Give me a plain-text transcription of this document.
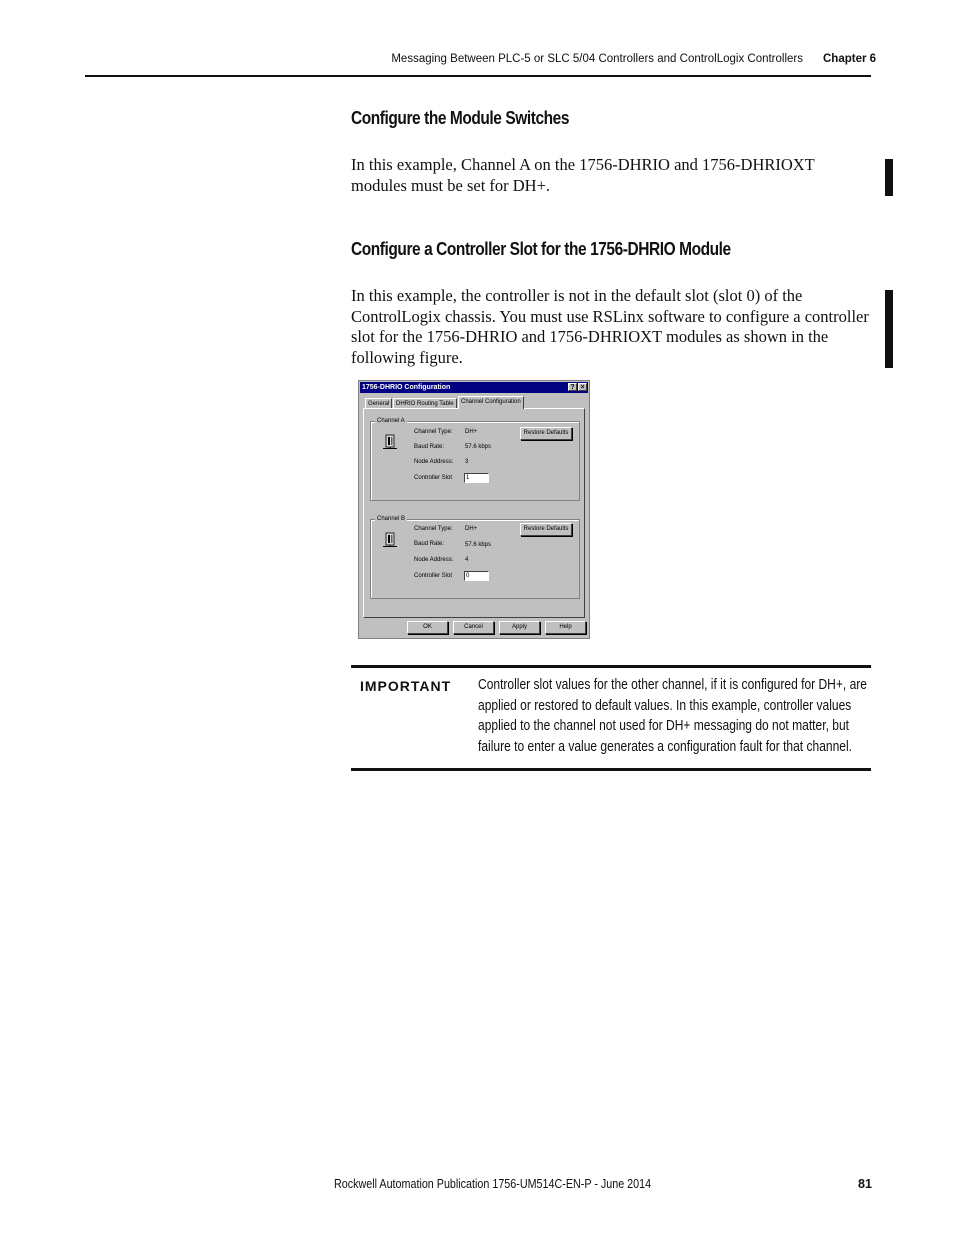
Messaging Between PLC-5 or SLC 5/04 Controllers and ControlLogix Controllers Chapter 6
Configure the Module Switches
In this example, Channel A on the 1756-DHRIO and 1756-DHRIOXT
modules must be set for DH+.
Configure a Controller Slot for the 1756-DHRIO Module
In this example, the controller is not in the default slot (slot 0) of the
ControlLogix chassis. You must use RSLinx software to configure a controller
slot for the 1756-DHRIO and 1756-DHRIOXT modules as shown in the
following figure.
1756-DHRIO Configuration	? ×
General	DHRIO Routing Table	Channel Configuration
Channel A
Channel Type: DH+
Baud Rate:	57.6 kbps
Node Address: 3
Controller Slot	1
Restore Defaults
Channel B
Channel Type: DH+
Baud Rate:	57.6 kbps
Node Address: 4
Controller Slot	0
Restore Defaults
OK	Cancel	Apply	Help
IMPORTANT Controller slot values for the other channel, if it is configured for DH+, are
applied or restored to default values. In this example, controller values
applied to the channel not used for DH+ messaging do not matter, but
failure to enter a value generates a configuration fault for that channel.
Rockwell Automation Publication 1756-UM514C-EN-P - June 2014	81
